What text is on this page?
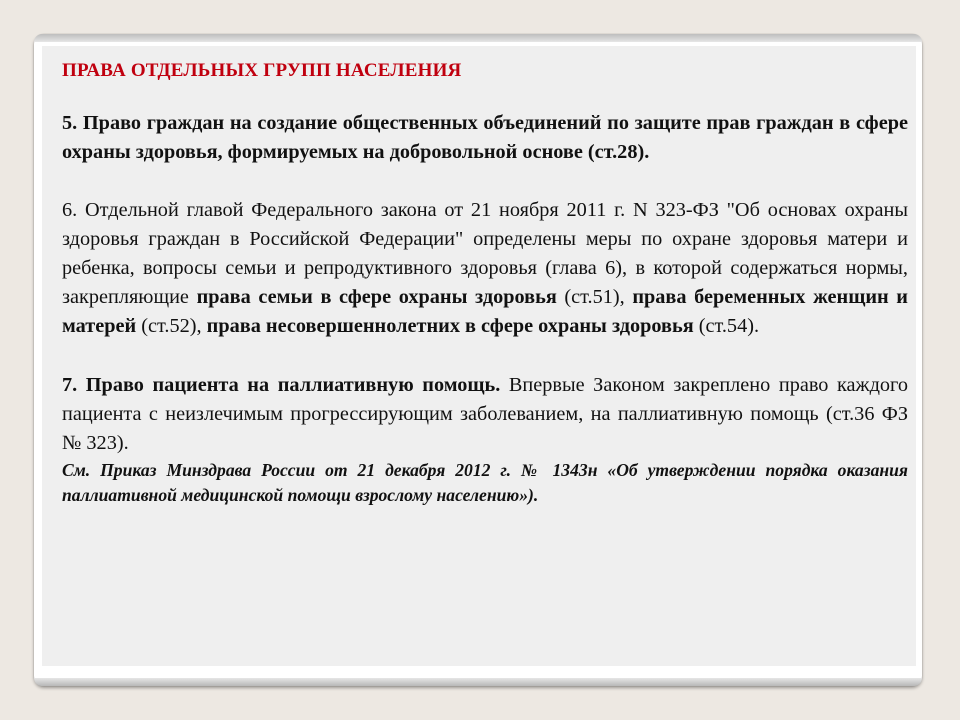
ПРАВА ОТДЕЛЬНЫХ ГРУПП НАСЕЛЕНИЯ

5. Право граждан на создание общественных объединений по защите прав граждан в сфере охраны здоровья, формируемых на добровольной основе (ст.28).

6. Отдельной главой Федерального закона от 21 ноября 2011 г. N 323-ФЗ "Об основах охраны здоровья граждан в Российской Федерации" определены меры по охране здоровья матери и ребенка, вопросы семьи и репродуктивного здоровья (глава 6), в которой содержаться нормы, закрепляющие права семьи в сфере охраны здоровья (ст.51), права беременных женщин и матерей (ст.52), права несовершеннолетних в сфере охраны здоровья (ст.54).

7. Право пациента на паллиативную помощь. Впервые Законом закреплено право каждого пациента с неизлечимым прогрессирующим заболеванием, на паллиативную помощь (ст.36 ФЗ № 323).

См. Приказ Минздрава России от 21 декабря 2012 г. № 1343н «Об утверждении порядка оказания паллиативной медицинской помощи взрослому населению»).
